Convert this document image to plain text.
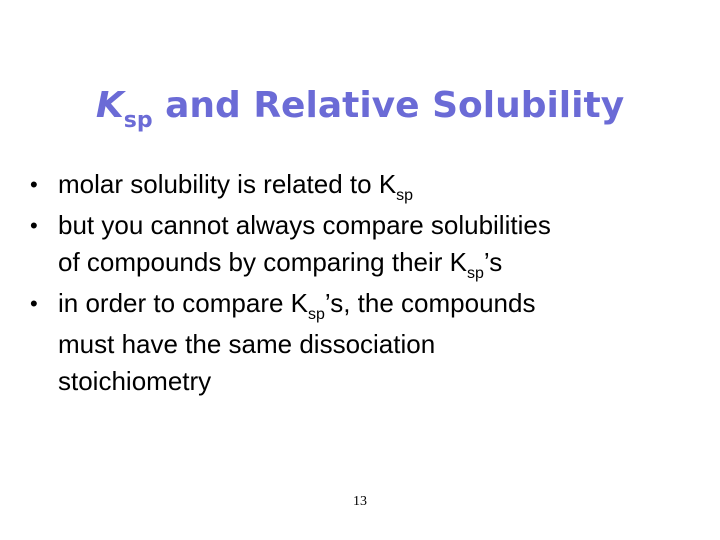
$K_{sp}$ and Relative Solubility
• molar solubility is related to $K_{sp}$
• but you cannot always compare solubilities
of compounds by comparing their $K_{sp}’s$
• in order to compare $K_{sp}’s$, the compounds
must have the same dissociation
stoichiometry
13
